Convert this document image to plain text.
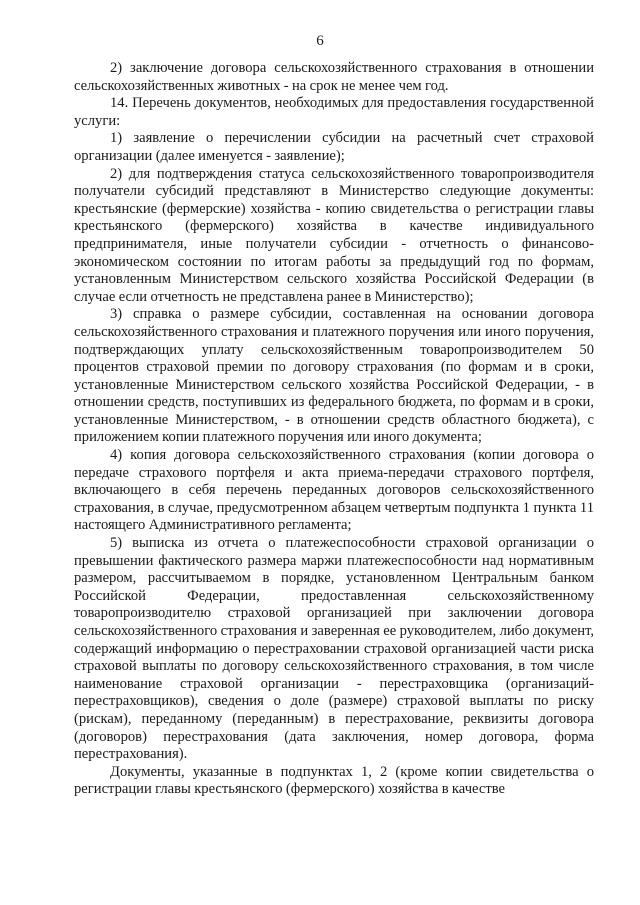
6

2) заключение договора сельскохозяйственного страхования в отношении сельскохозяйственных животных - на срок не менее чем год.

14. Перечень документов, необходимых для предоставления государственной услуги:

1) заявление о перечислении субсидии на расчетный счет страховой организации (далее именуется - заявление);

2) для подтверждения статуса сельскохозяйственного товаропроизводителя получатели субсидий представляют в Министерство следующие документы: крестьянские (фермерские) хозяйства - копию свидетельства о регистрации главы крестьянского (фермерского) хозяйства в качестве индивидуального предпринимателя, иные получатели субсидии - отчетность о финансово-экономическом состоянии по итогам работы за предыдущий год по формам, установленным Министерством сельского хозяйства Российской Федерации (в случае если отчетность не представлена ранее в Министерство);

3) справка о размере субсидии, составленная на основании договора сельскохозяйственного страхования и платежного поручения или иного поручения, подтверждающих уплату сельскохозяйственным товаропроизводителем 50 процентов страховой премии по договору страхования (по формам и в сроки, установленные Министерством сельского хозяйства Российской Федерации, - в отношении средств, поступивших из федерального бюджета, по формам и в сроки, установленные Министерством, - в отношении средств областного бюджета), с приложением копии платежного поручения или иного документа;

4) копия договора сельскохозяйственного страхования (копии договора о передаче страхового портфеля и акта приема-передачи страхового портфеля, включающего в себя перечень переданных договоров сельскохозяйственного страхования, в случае, предусмотренном абзацем четвертым подпункта 1 пункта 11 настоящего Административного регламента;

5) выписка из отчета о платежеспособности страховой организации о превышении фактического размера маржи платежеспособности над нормативным размером, рассчитываемом в порядке, установленном Центральным банком Российской Федерации, предоставленная сельскохозяйственному товаропроизводителю страховой организацией при заключении договора сельскохозяйственного страхования и заверенная ее руководителем, либо документ, содержащий информацию о перестраховании страховой организацией части риска страховой выплаты по договору сельскохозяйственного страхования, в том числе наименование страховой организации - перестраховщика (организаций-перестраховщиков), сведения о доле (размере) страховой выплаты по риску (рискам), переданному (переданным) в перестрахование, реквизиты договора (договоров) перестрахования (дата заключения, номер договора, форма перестрахования).

Документы, указанные в подпунктах 1, 2 (кроме копии свидетельства о регистрации главы крестьянского (фермерского) хозяйства в качестве
